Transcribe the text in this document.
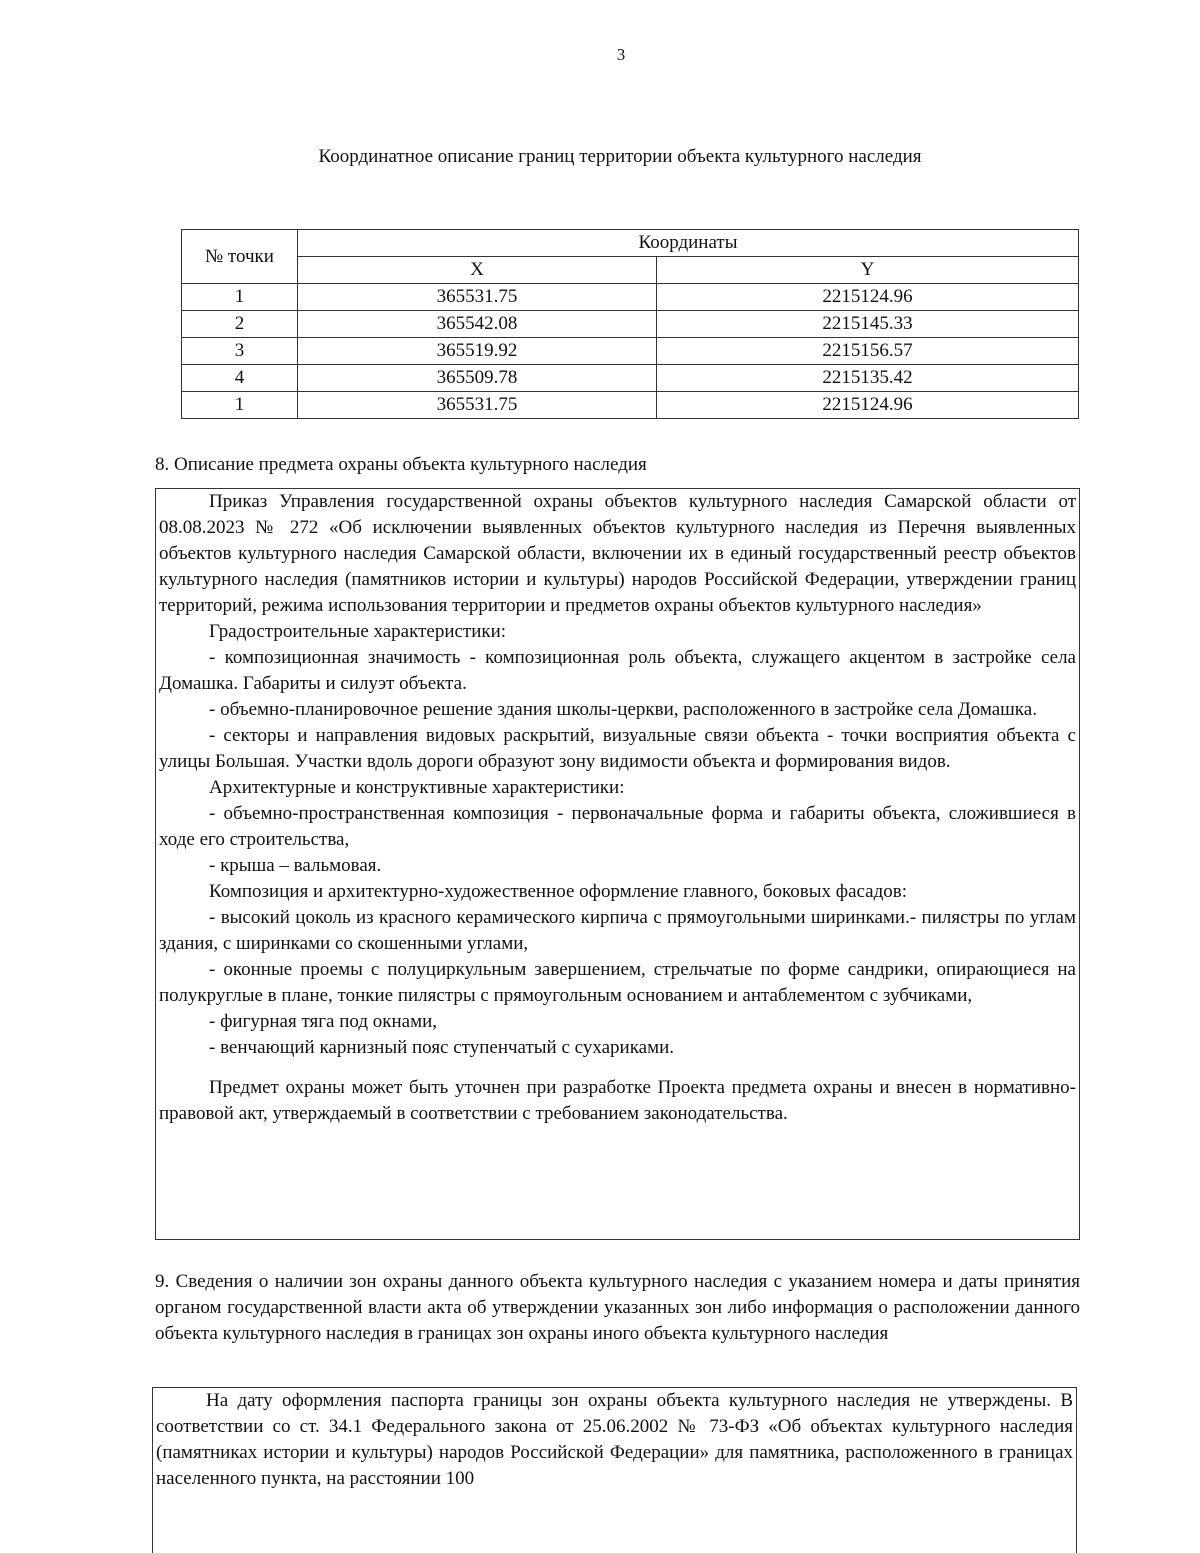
3
Координатное описание границ территории объекта культурного наследия
№ точки	Координаты	
	X	Y
1	365531.75	2215124.96
2	365542.08	2215145.33
3	365519.92	2215156.57
4	365509.78	2215135.42
1	365531.75	2215124.96
8. Описание предмета охраны объекта культурного наследия

Приказ Управления государственной охраны объектов культурного наследия Самарской области от 08.08.2023 № 272 «Об исключении выявленных объектов культурного наследия из Перечня выявленных объектов культурного наследия Самарской области, включении их в единый государственный реестр объектов культурного наследия (памятников истории и культуры) народов Российской Федерации, утверждении границ территорий, режима использования территории и предметов охраны объектов культурного наследия»

Градостроительные характеристики:

- композиционная значимость - композиционная роль объекта, служащего акцентом в застройке села Домашка. Габариты и силуэт объекта.

- объемно-планировочное решение здания школы-церкви, расположенного в застройке села Домашка.

- секторы и направления видовых раскрытий, визуальные связи объекта - точки восприятия объекта с улицы Большая. Участки вдоль дороги образуют зону видимости объекта и формирования видов.

Архитектурные и конструктивные характеристики:

- объемно-пространственная композиция - первоначальные форма и габариты объекта, сложившиеся в ходе его строительства,

- крыша – вальмовая.

Композиция и архитектурно-художественное оформление главного, боковых фасадов:

- высокий цоколь из красного керамического кирпича с прямоугольными ширинками.- пилястры по углам здания, с ширинками со скошенными углами,

- оконные проемы с полуциркульным завершением, стрельчатые по форме сандрики, опирающиеся на полукруглые в плане, тонкие пилястры с прямоугольным основанием и антаблементом с зубчиками,

- фигурная тяга под окнами,

- венчающий карнизный пояс ступенчатый с сухариками.

Предмет охраны может быть уточнен при разработке Проекта предмета охраны и внесен в нормативно-правовой акт, утверждаемый в соответствии с требованием законодательства.

9. Сведения о наличии зон охраны данного объекта культурного наследия с указанием номера и даты принятия органом государственной власти акта об утверждении указанных зон либо информация о расположении данного объекта культурного наследия в границах зон охраны иного объекта культурного наследия

На дату оформления паспорта границы зон охраны объекта культурного наследия не утверждены. В соответствии со ст. 34.1 Федерального закона от 25.06.2002 № 73-ФЗ «Об объектах культурного наследия (памятниках истории и культуры) народов Российской Федерации» для памятника, расположенного в границах населенного пункта, на расстоянии 100
